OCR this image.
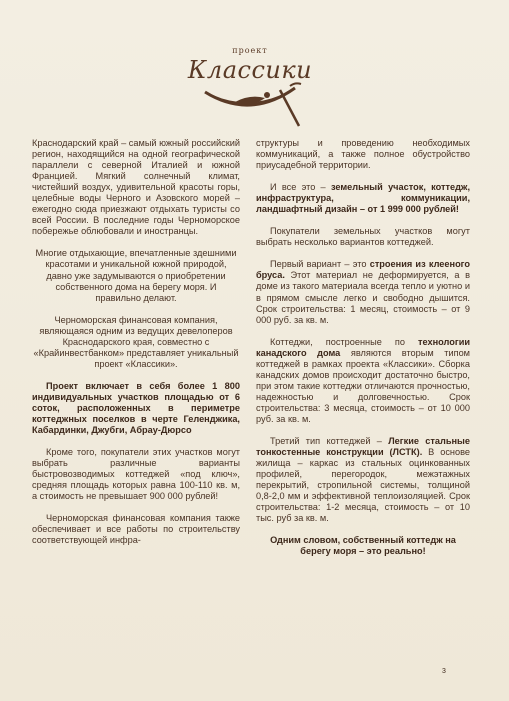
проект
Классики

Краснодарский край – самый южный российский регион, находящийся на одной географической параллели с северной Италией и южной Францией. Мягкий солнечный климат, чистейший воздух, удивительной красоты горы, целебные воды Черного и Азовского морей – ежегодно сюда приезжают отдыхать туристы со всей России. В последние годы Черноморское побережье облюбовали и иностранцы.

Многие отдыхающие, впечатленные здешними красотами и уникальной южной природой, давно уже задумываются о приобретении собственного дома на берегу моря. И правильно делают.

Черноморская финансовая компания, являющаяся одним из ведущих девелоперов Краснодарского края, совместно с «Крайинвестбанком» представляет уникальный проект «Классики».

Проект включает в себя более 1 800 индивидуальных участков площадью от 6 соток, расположенных в периметре коттеджных поселков в черте Геленджика, Кабардинки, Джубги, Абрау-Дюрсо

Кроме того, покупатели этих участков могут выбрать различные варианты быстровозводимых коттеджей «под ключ», средняя площадь которых равна 100-110 кв. м, а стоимость не превышает 900 000 рублей!

Черноморская финансовая компания также обеспечивает и все работы по строительству соответствующей инфра-

структуры и проведению необходимых коммуникаций, а также полное обустройство приусадебной территории.

И все это – земельный участок, коттедж, инфраструктура, коммуникации, ландшафтный дизайн – от 1 999 000 рублей!

Покупатели земельных участков могут выбрать несколько вариантов коттеджей.

Первый вариант – это строения из клееного бруса. Этот материал не деформируется, а в доме из такого материала всегда тепло и уютно и в прямом смысле легко и свободно дышится. Срок строительства: 1 месяц, стоимость – от 9 000 руб. за кв. м.

Коттеджи, построенные по технологии канадского дома являются вторым типом коттеджей в рамках проекта «Классики». Сборка канадских домов происходит достаточно быстро, при этом такие коттеджи отличаются прочностью, надежностью и долговечностью. Срок строительства: 3 месяца, стоимость – от 10 000 руб. за кв. м.

Третий тип коттеджей – Легкие стальные тонкостенные конструкции (ЛСТК). В основе жилища – каркас из стальных оцинкованных профилей, перегородок, межэтажных перекрытий, стропильной системы, толщиной 0,8-2,0 мм и эффективной теплоизоляцией. Срок строительства: 1-2 месяца, стоимость – от 10 тыс. руб за кв. м.

Одним словом, собственный коттедж на берегу моря – это реально!

3
